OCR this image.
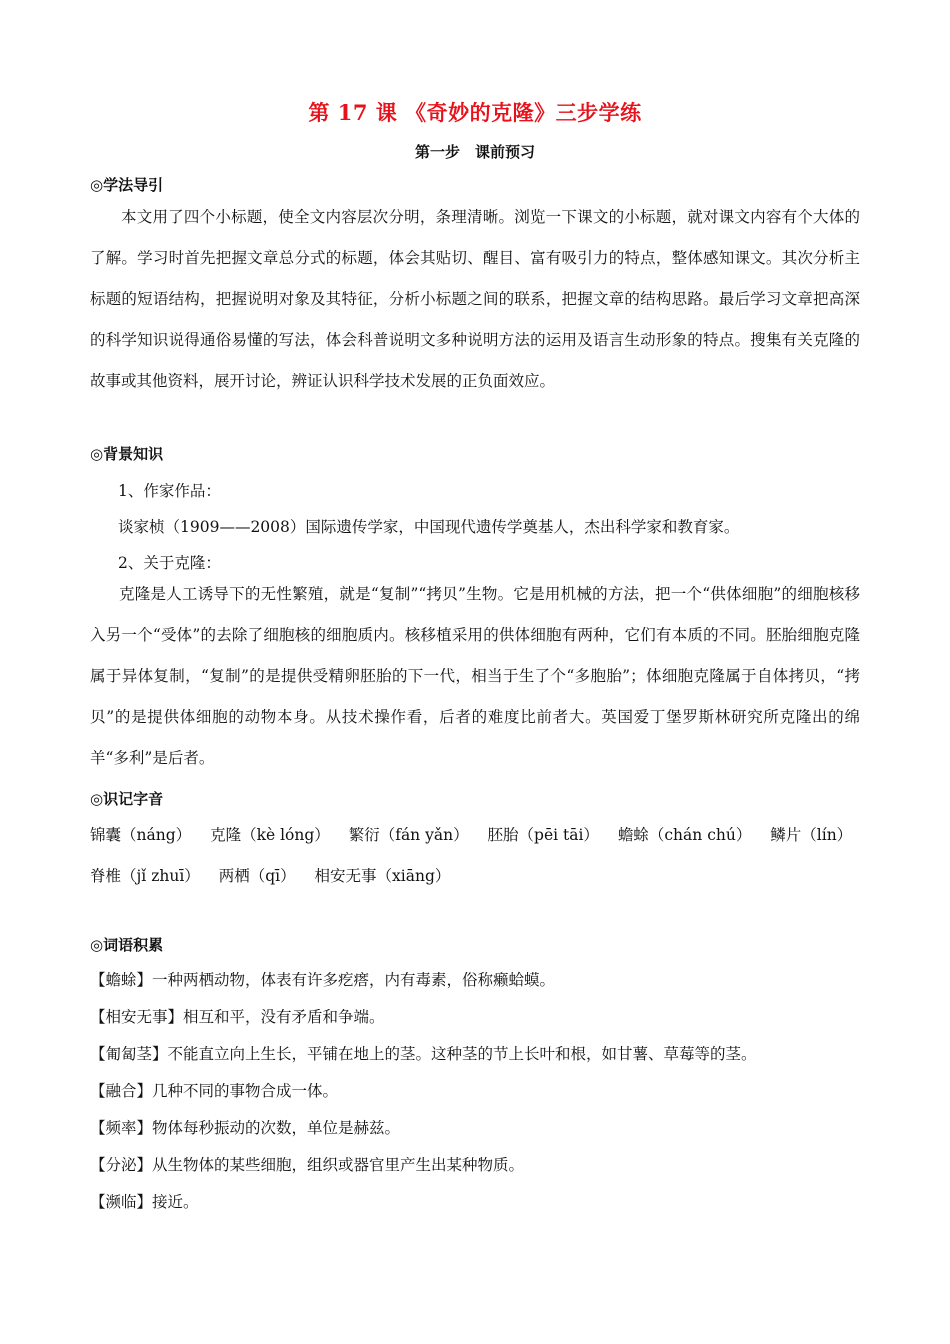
第 17 课 《奇妙的克隆》三步学练
第一步　课前预习
◎学法导引

本文用了四个小标题，使全文内容层次分明，条理清晰。浏览一下课文的小标题，就对课文内容有个大体的了解。学习时首先把握文章总分式的标题，体会其贴切、醒目、富有吸引力的特点，整体感知课文。其次分析主标题的短语结构，把握说明对象及其特征，分析小标题之间的联系，把握文章的结构思路。最后学习文章把高深的科学知识说得通俗易懂的写法，体会科普说明文多种说明方法的运用及语言生动形象的特点。搜集有关克隆的故事或其他资料，展开讨论，辨证认识科学技术发展的正负面效应。

◎背景知识
1、作家作品：
谈家桢（1909——2008）国际遗传学家，中国现代遗传学奠基人，杰出科学家和教育家。
2、关于克隆：

克隆是人工诱导下的无性繁殖，就是“复制”“拷贝”生物。它是用机械的方法，把一个“供体细胞”的细胞核移入另一个“受体”的去除了细胞核的细胞质内。核移植采用的供体细胞有两种，它们有本质的不同。胚胎细胞克隆属于异体复制，“复制”的是提供受精卵胚胎的下一代，相当于生了个“多胞胎”；体细胞克隆属于自体拷贝，“拷贝”的是提供体细胞的动物本身。从技术操作看，后者的难度比前者大。英国爱丁堡罗斯林研究所克隆出的绵羊“多利”是后者。

◎识记字音
锦囊（náng） 克隆（kè lóng） 繁衍（fán yǎn） 胚胎（pēi tāi） 蟾蜍（chán chú） 鳞片（lín）
脊椎（jǐ zhuī） 两栖（qī） 相安无事（xiāng）
◎词语积累
【蟾蜍】一种两栖动物，体表有许多疙瘩，内有毒素，俗称癞蛤蟆。
【相安无事】相互和平，没有矛盾和争端。
【匍匐茎】不能直立向上生长，平铺在地上的茎。这种茎的节上长叶和根，如甘薯、草莓等的茎。
【融合】几种不同的事物合成一体。
【频率】物体每秒振动的次数，单位是赫兹。
【分泌】从生物体的某些细胞，组织或器官里产生出某种物质。
【濒临】接近。
